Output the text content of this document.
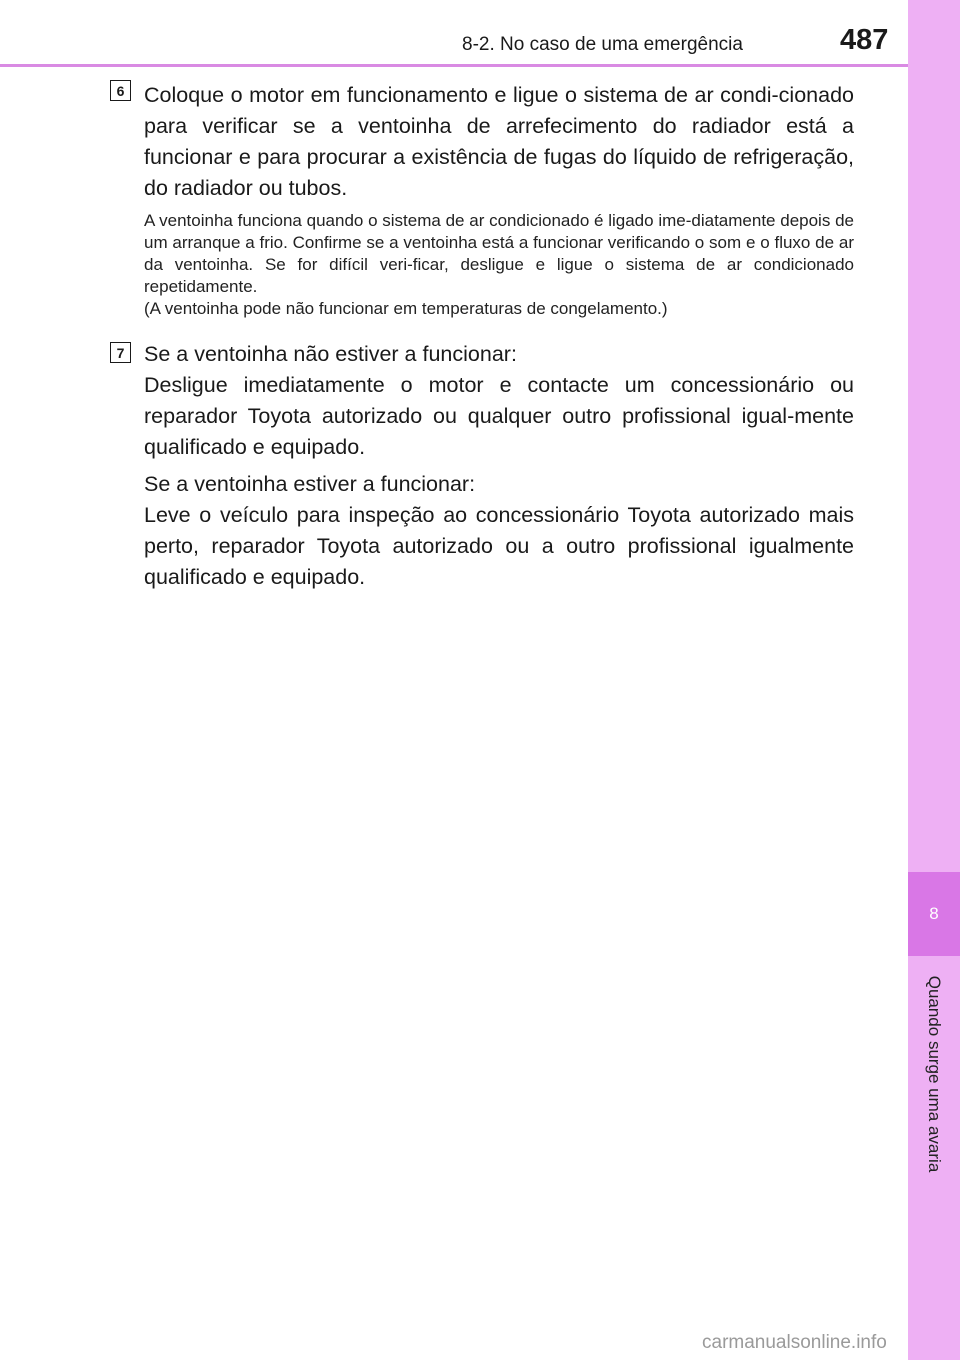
8
Quando surge uma avaria
8-2. No caso de uma emergência	487
6 Coloque o motor em funcionamento e ligue o sistema de ar condi-cionado para verificar se a ventoinha de arrefecimento do radiador está a funcionar e para procurar a existência de fugas do líquido de refrigeração, do radiador ou tubos.

A ventoinha funciona quando o sistema de ar condicionado é ligado ime-diatamente depois de um arranque a frio. Confirme se a ventoinha está a funcionar verificando o som e o fluxo de ar da ventoinha. Se for difícil veri-ficar, desligue e ligue o sistema de ar condicionado repetidamente.

(A ventoinha pode não funcionar em temperaturas de congelamento.)

7 Se a ventoinha não estiver a funcionar:

Desligue imediatamente o motor e contacte um concessionário ou reparador Toyota autorizado ou qualquer outro profissional igual-mente qualificado e equipado.

Se a ventoinha estiver a funcionar:

Leve o veículo para inspeção ao concessionário Toyota autorizado mais perto, reparador Toyota autorizado ou a outro profissional igualmente qualificado e equipado.

carmanualsonline.info
